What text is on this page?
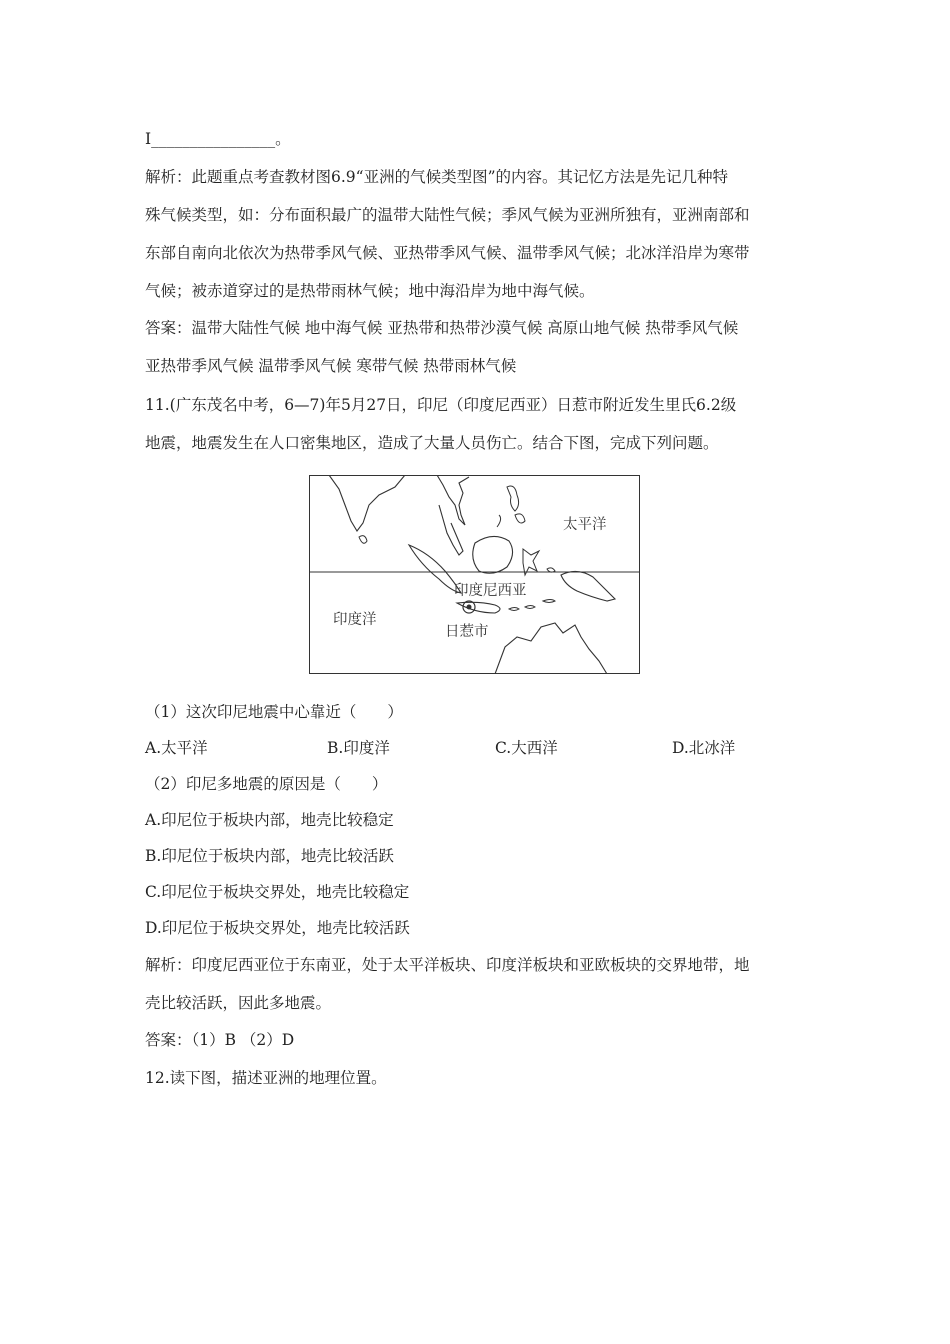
I________________。
解析：此题重点考查教材图6.9“亚洲的气候类型图”的内容。其记忆方法是先记几种特
殊气候类型，如：分布面积最广的温带大陆性气候；季风气候为亚洲所独有，亚洲南部和
东部自南向北依次为热带季风气候、亚热带季风气候、温带季风气候；北冰洋沿岸为寒带
气候；被赤道穿过的是热带雨林气候；地中海沿岸为地中海气候。
答案：温带大陆性气候 地中海气候 亚热带和热带沙漠气候 高原山地气候 热带季风气候
亚热带季风气候 温带季风气候 寒带气候 热带雨林气候
11.(广东茂名中考，6—7)年5月27日，印尼（印度尼西亚）日惹市附近发生里氏6.2级
地震，地震发生在人口密集地区，造成了大量人员伤亡。结合下图，完成下列问题。
太平洋
印度尼西亚
印度洋
日惹市
（1）这次印尼地震中心靠近（　　）
A.太平洋	B.印度洋	C.大西洋	D.北冰洋
（2）印尼多地震的原因是（　　）
A.印尼位于板块内部，地壳比较稳定
B.印尼位于板块内部，地壳比较活跃
C.印尼位于板块交界处，地壳比较稳定
D.印尼位于板块交界处，地壳比较活跃
解析：印度尼西亚位于东南亚，处于太平洋板块、印度洋板块和亚欧板块的交界地带，地
壳比较活跃，因此多地震。
答案：（1）B （2）D
12.读下图，描述亚洲的地理位置。
